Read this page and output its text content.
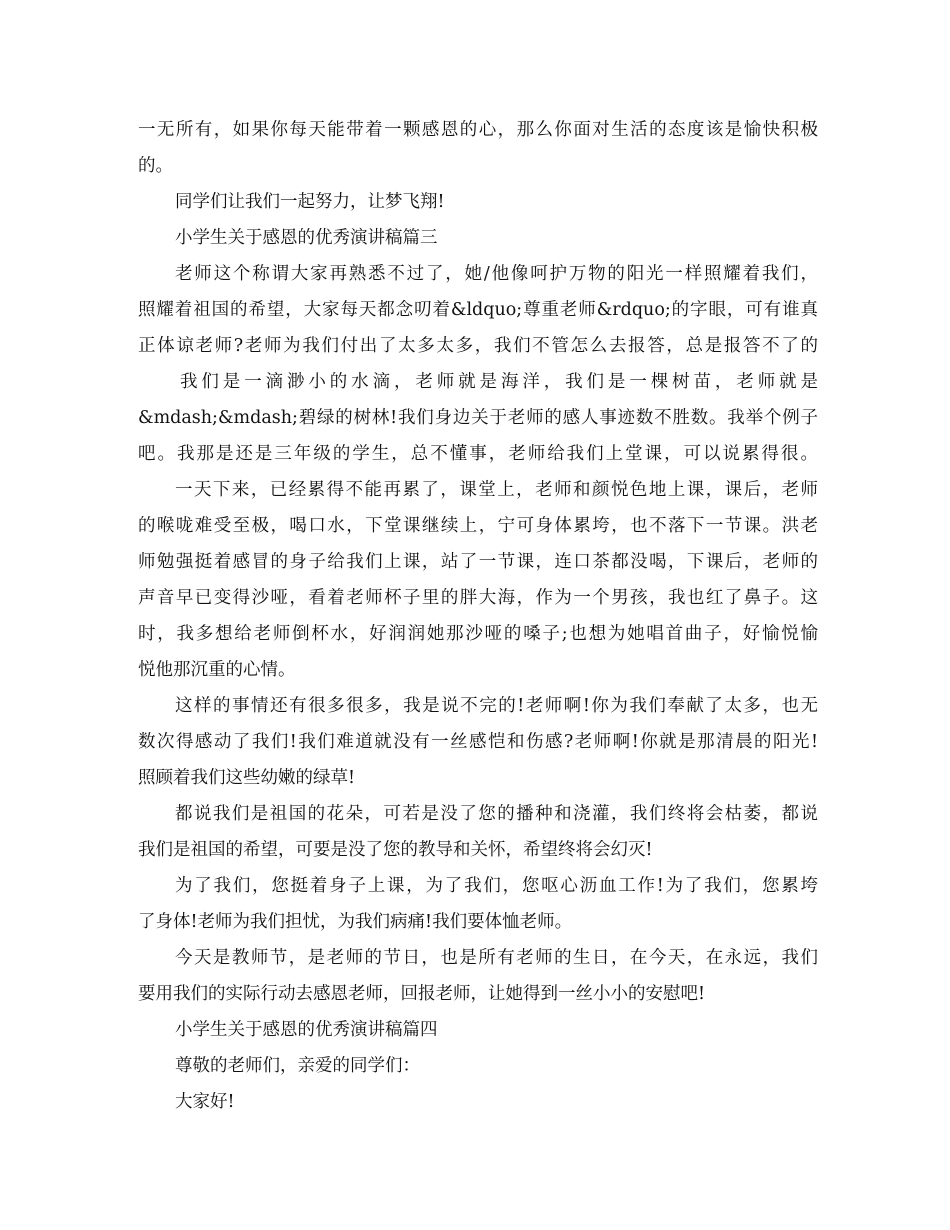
一无所有，如果你每天能带着一颗感恩的心，那么你面对生活的态度该是愉快积极
的。
同学们让我们一起努力，让梦飞翔!
小学生关于感恩的优秀演讲稿篇三
老师这个称谓大家再熟悉不过了，她/他像呵护万物的阳光一样照耀着我们，
照耀着祖国的希望，大家每天都念叨着&ldquo;尊重老师&rdquo;的字眼，可有谁真
正体谅老师?老师为我们付出了太多太多，我们不管怎么去报答，总是报答不了的
我们是一滴渺小的水滴，老师就是海洋，我们是一棵树苗，老师就是
&mdash;&mdash;碧绿的树林!我们身边关于老师的感人事迹数不胜数。我举个例子
吧。我那是还是三年级的学生，总不懂事，老师给我们上堂课，可以说累得很。
一天下来，已经累得不能再累了，课堂上，老师和颜悦色地上课，课后，老师
的喉咙难受至极，喝口水，下堂课继续上，宁可身体累垮，也不落下一节课。洪老
师勉强挺着感冒的身子给我们上课，站了一节课，连口茶都没喝，下课后，老师的
声音早已变得沙哑，看着老师杯子里的胖大海，作为一个男孩，我也红了鼻子。这
时，我多想给老师倒杯水，好润润她那沙哑的嗓子;也想为她唱首曲子，好愉悦愉
悦他那沉重的心情。
这样的事情还有很多很多，我是说不完的!老师啊!你为我们奉献了太多，也无
数次得感动了我们!我们难道就没有一丝感恺和伤感?老师啊!你就是那清晨的阳光!
照顾着我们这些幼嫩的绿草!
都说我们是祖国的花朵，可若是没了您的播种和浇灌，我们终将会枯萎，都说
我们是祖国的希望，可要是没了您的教导和关怀，希望终将会幻灭!
为了我们，您挺着身子上课，为了我们，您呕心沥血工作!为了我们，您累垮
了身体!老师为我们担忧，为我们病痛!我们要体恤老师。
今天是教师节，是老师的节日，也是所有老师的生日，在今天，在永远，我们
要用我们的实际行动去感恩老师，回报老师，让她得到一丝小小的安慰吧!
小学生关于感恩的优秀演讲稿篇四
尊敬的老师们，亲爱的同学们：
大家好!
